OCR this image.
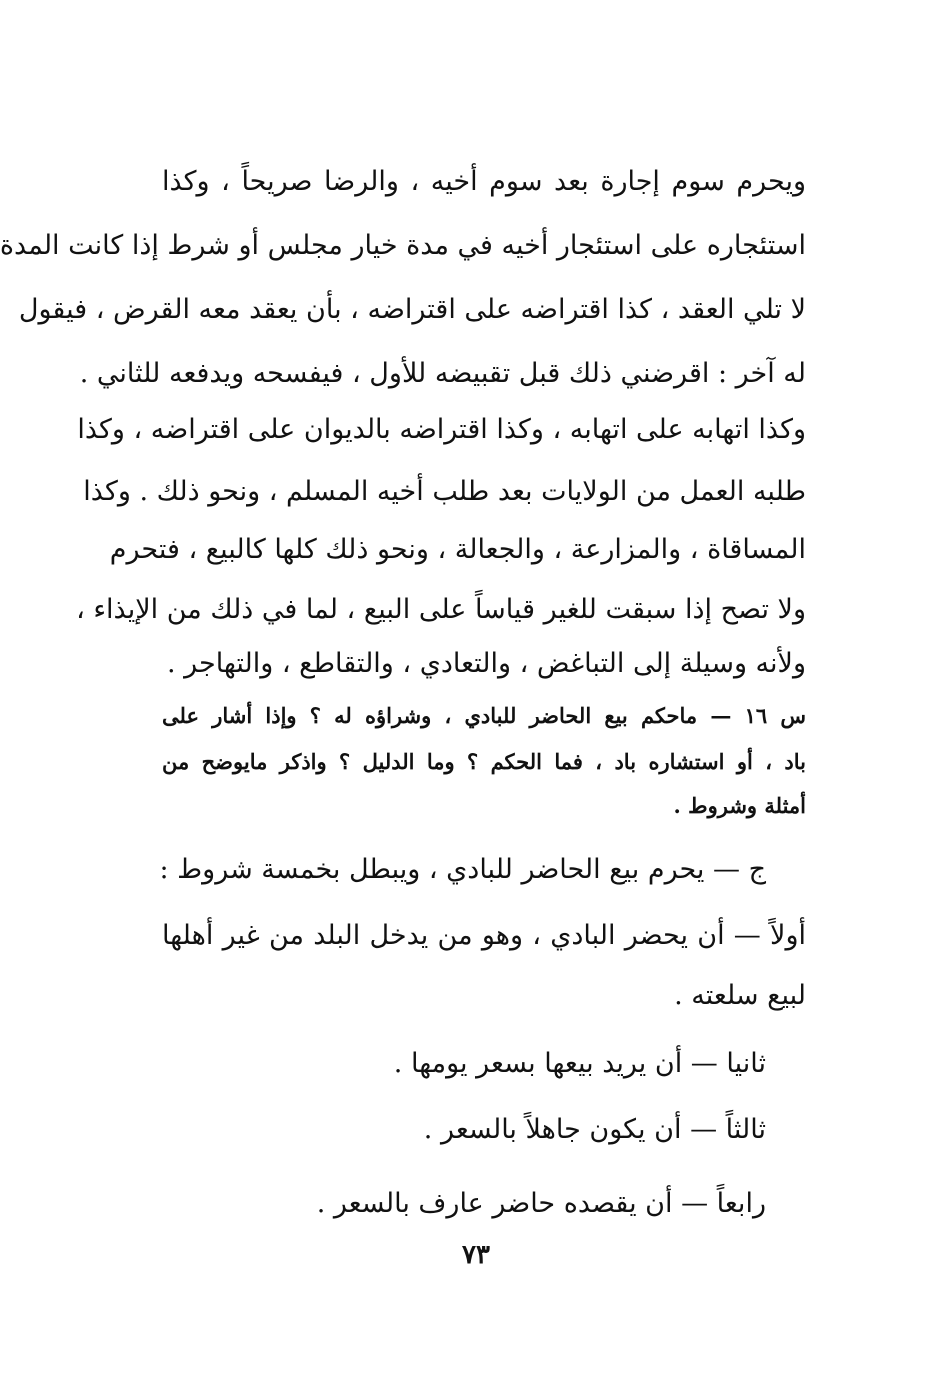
ويحرم سوم إجارة بعد سوم أخيه ، والرضا صريحاً ، وكذا
استئجاره على استئجار أخيه في مدة خيار مجلس أو شرط إذا كانت المدة
لا تلي العقد ، كذا اقتراضه على اقتراضه ، بأن يعقد معه القرض ، فيقول
له آخر : اقرضني ذلك قبل تقبيضه للأول ، فيفسحه ويدفعه للثاني .
وكذا اتهابه على اتهابه ، وكذا اقتراضه بالديوان على اقتراضه ، وكذا
طلبه العمل من الولايات بعد طلب أخيه المسلم ، ونحو ذلك . وكذا
المساقاة ، والمزارعة ، والجعالة ، ونحو ذلك كلها كالبيع ، فتحرم
ولا تصح إذا سبقت للغير قياساً على البيع ، لما في ذلك من الإيذاء ،
ولأنه وسيلة إلى التباغض ، والتعادي ، والتقاطع ، والتهاجر .
س ١٦ — ماحكم بيع الحاضر للبادي ، وشراؤه له ؟ وإذا أشار على
باد ، أو استشاره باد ، فما الحكم ؟ وما الدليل ؟ واذكر مايوضح من
أمثلة وشروط .
ج — يحرم بيع الحاضر للبادي ، ويبطل بخمسة شروط :
أولاً — أن يحضر البادي ، وهو من يدخل البلد من غير أهلها
لبيع سلعته .
ثانيا — أن يريد بيعها بسعر يومها .
ثالثاً — أن يكون جاهلاً بالسعر .
رابعاً — أن يقصده حاضر عارف بالسعر .
٧٣
